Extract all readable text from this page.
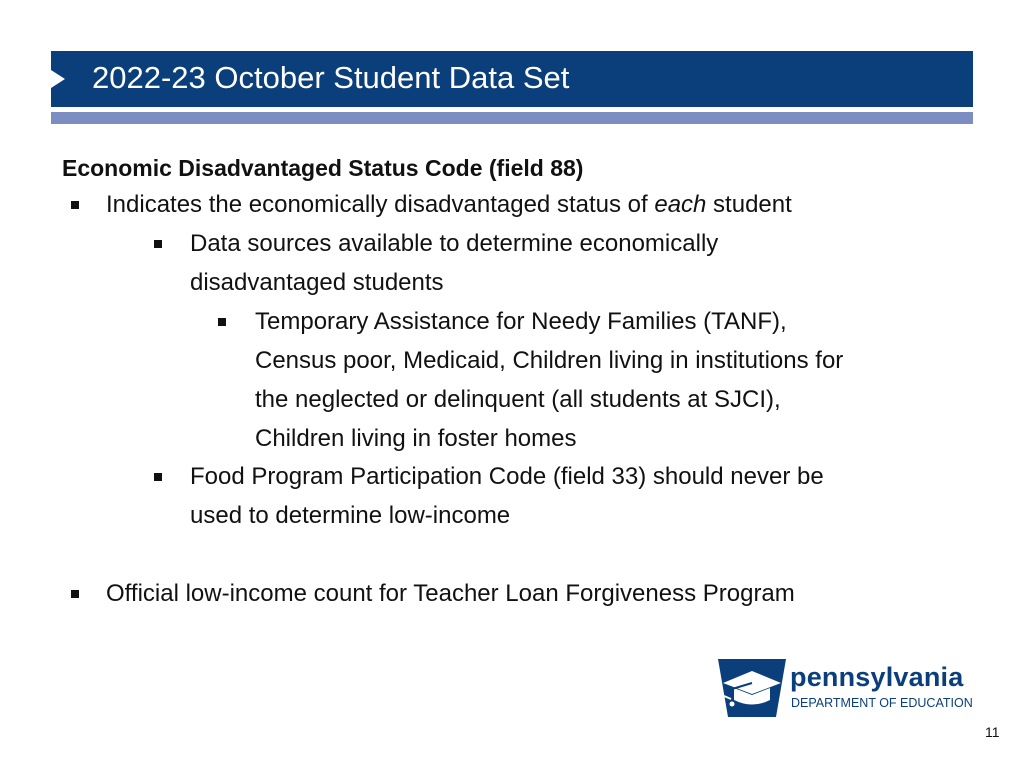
2022-23 October Student Data Set
Economic Disadvantaged Status Code (field 88)
Indicates the economically disadvantaged status of each student
Data sources available to determine economically
disadvantaged students
Temporary Assistance for Needy Families (TANF),
Census poor, Medicaid, Children living in institutions for
the neglected or delinquent (all students at SJCI),
Children living in foster homes
Food Program Participation Code (field 33) should never be
used to determine low-income
Official low-income count for Teacher Loan Forgiveness Program
pennsylvania
DEPARTMENT OF EDUCATION
11
